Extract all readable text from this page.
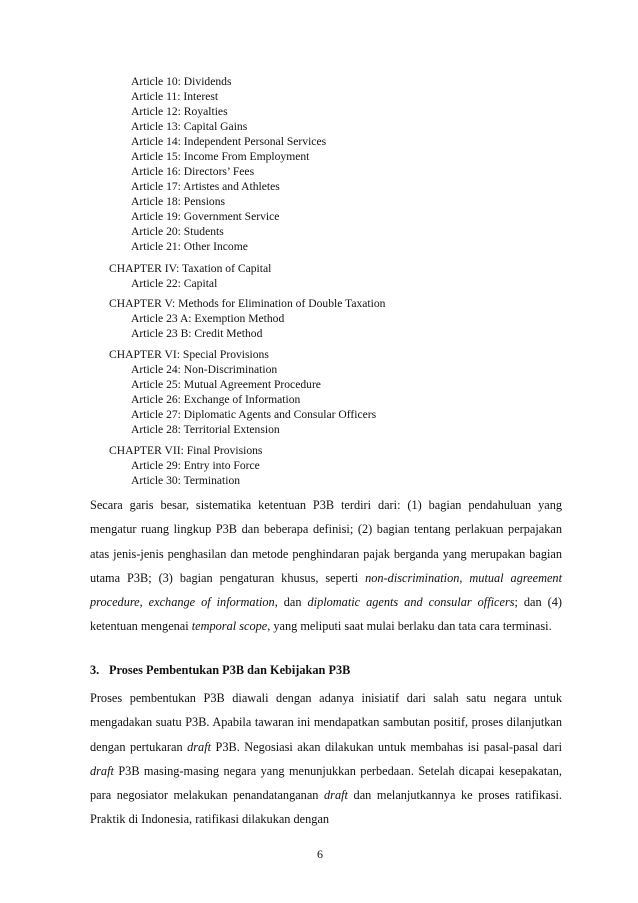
Article 10: Dividends
Article 11: Interest
Article 12: Royalties
Article 13: Capital Gains
Article 14: Independent Personal Services
Article 15: Income From Employment
Article 16: Directors’ Fees
Article 17: Artistes and Athletes
Article 18: Pensions
Article 19: Government Service
Article 20: Students
Article 21: Other Income
CHAPTER IV: Taxation of Capital
Article 22: Capital
CHAPTER V: Methods for Elimination of Double Taxation
Article 23 A: Exemption Method
Article 23 B: Credit Method
CHAPTER VI: Special Provisions
Article 24: Non-Discrimination
Article 25: Mutual Agreement Procedure
Article 26: Exchange of Information
Article 27: Diplomatic Agents and Consular Officers
Article 28: Territorial Extension
CHAPTER VII: Final Provisions
Article 29: Entry into Force
Article 30: Termination

Secara garis besar, sistematika ketentuan P3B terdiri dari: (1) bagian pendahuluan yang mengatur ruang lingkup P3B dan beberapa definisi; (2) bagian tentang perlakuan perpajakan atas jenis-jenis penghasilan dan metode penghindaran pajak berganda yang merupakan bagian utama P3B; (3) bagian pengaturan khusus, seperti non-discrimination, mutual agreement procedure, exchange of information, dan diplomatic agents and consular officers; dan (4) ketentuan mengenai temporal scope, yang meliputi saat mulai berlaku dan tata cara terminasi.

3. Proses Pembentukan P3B dan Kebijakan P3B

Proses pembentukan P3B diawali dengan adanya inisiatif dari salah satu negara untuk mengadakan suatu P3B. Apabila tawaran ini mendapatkan sambutan positif, proses dilanjutkan dengan pertukaran draft P3B. Negosiasi akan dilakukan untuk membahas isi pasal-pasal dari draft P3B masing-masing negara yang menunjukkan perbedaan. Setelah dicapai kesepakatan, para negosiator melakukan penandatanganan draft dan melanjutkannya ke proses ratifikasi. Praktik di Indonesia, ratifikasi dilakukan dengan

6
